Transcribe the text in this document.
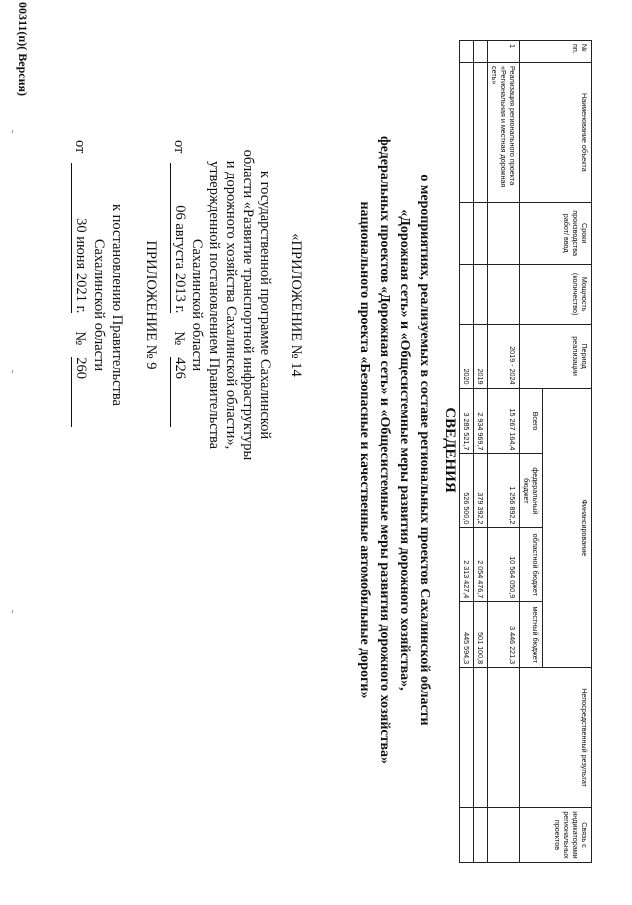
ПРИЛОЖЕНИЕ № 9
к постановлению Правительства
Сахалинской области
от
30 июня 2021 г.
№
260	«ПРИЛОЖЕНИЕ № 14
к государственной программе Сахалинской
области «Развитие транспортной инфраструктуры
и дорожного хозяйства Сахалинской области»,
утвержденной постановлением Правительства
Сахалинской области
от
06 августа 2013 г.
№
426
СВЕДЕНИЯ
о мероприятиях, реализуемых в составе региональных проектов Сахалинской области
«Дорожная сеть» и «Общесистемные меры развития дорожного хозяйства»,
федеральных проектов «Дорожная сеть» и «Общесистемные меры развития дорожного хозяйства»
национального проекта «Безопасные и качественные автомобильные дороги»
№ пп.	Наименование объекта	Сроки производства работ/ ввод	Мощность (количество)	Период реализации	Финансирование				Непосредственный результат	Связь с индикаторами региональных проектов
					Всего	федеральный бюджет	областной бюджет	местный бюджет		
1	Реализация регионального проекта «Региональная и местная дорожная сеть»			2019 - 2024	15 267 164,4	1 256 892,2	10 564 050,9	3 446 221,3		
				2019	2 934 969,7	379 392,2	2 054 476,7	501 100,8		
				2020	3 285 521,7	526 500,0	2 313 427,4	445 594,3		
00311(п)( Версия)
